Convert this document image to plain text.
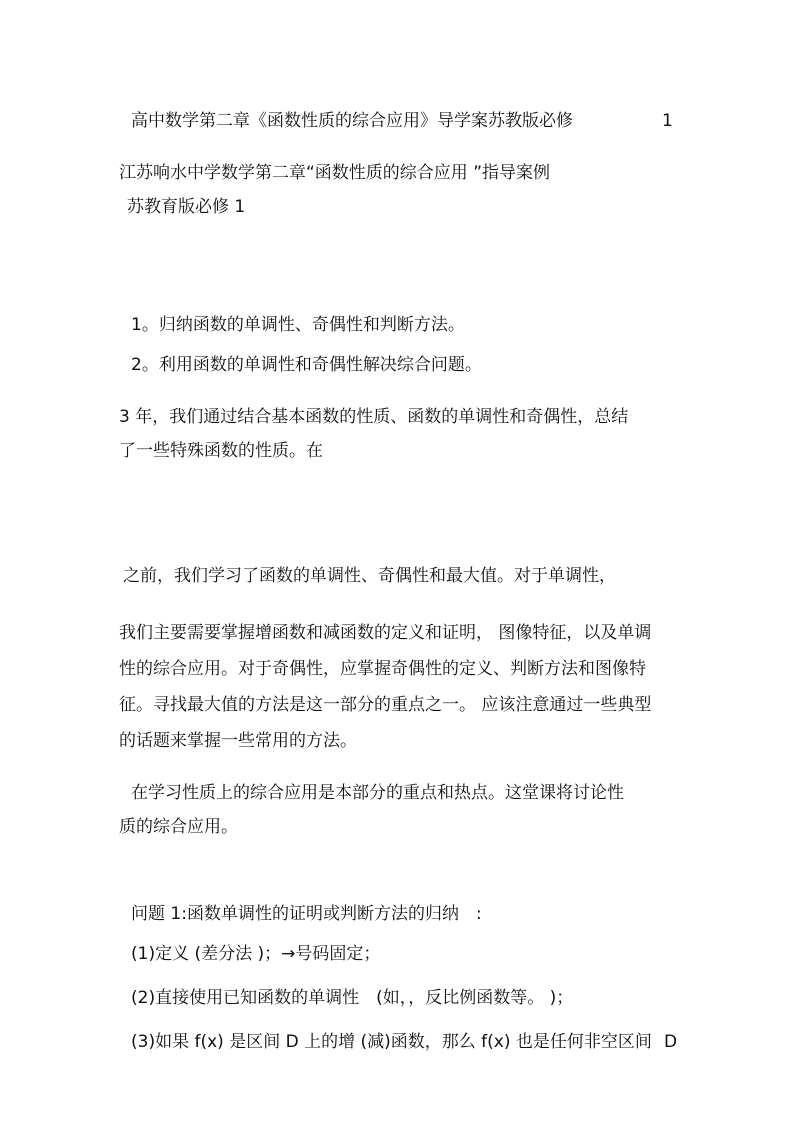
高中数学第二章《函数性质的综合应用》导学案苏教版必修	1
江苏响水中学数学第二章“函数性质的综合应用 ”指导案例
苏教育版必修 1
1。归纳函数的单调性、奇偶性和判断方法。
2。利用函数的单调性和奇偶性解决综合问题。
3 年，我们通过结合基本函数的性质、函数的单调性和奇偶性，总结
了一些特殊函数的性质。在
之前，我们学习了函数的单调性、奇偶性和最大值。对于单调性，
我们主要需要掌握增函数和减函数的定义和证明， 图像特征，以及单调
性的综合应用。对于奇偶性，应掌握奇偶性的定义、判断方法和图像特
征。寻找最大值的方法是这一部分的重点之一。 应该注意通过一些典型
的话题来掌握一些常用的方法。
在学习性质上的综合应用是本部分的重点和热点。这堂课将讨论性
质的综合应用。
问题 1:函数单调性的证明或判断方法的归纳　:
(1)定义 (差分法 )；→号码固定；
(2)直接使用已知函数的单调性　(如，，反比例函数等。 )；
(3)如果 f(x) 是区间 D 上的增 (减)函数，那么 f(x) 也是任何非空区间 D
